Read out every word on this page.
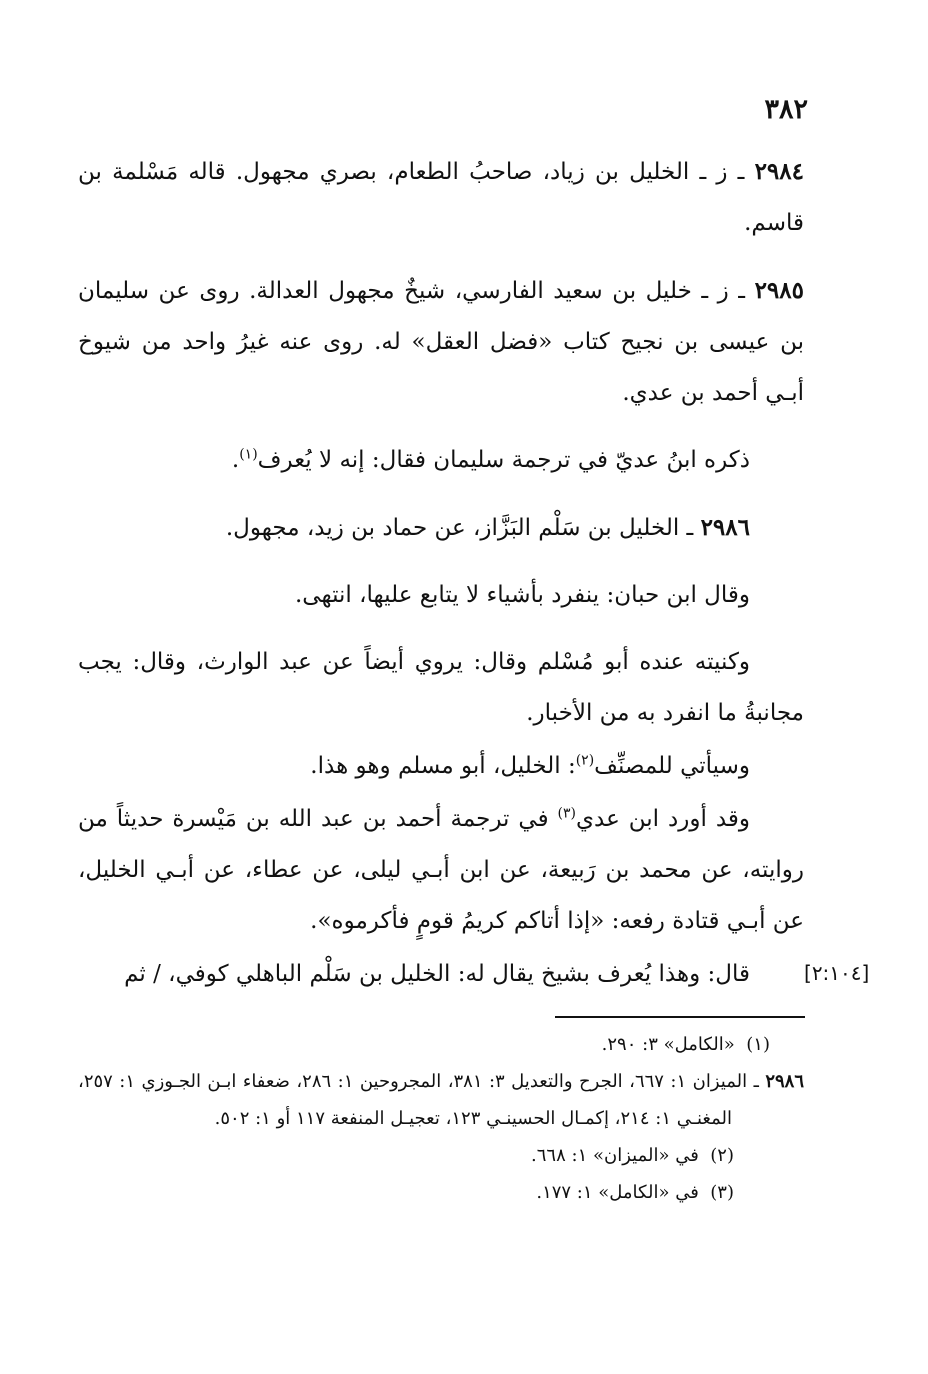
٣٨٢

٢٩٨٤ ـ ز ـ الخليل بن زياد، صاحبُ الطعام، بصري مجهول. قاله مَسْلمة بن قاسم.

٢٩٨٥ ـ ز ـ خليل بن سعيد الفارسي، شيخٌ مجهول العدالة. روى عن سليمان بن عيسى بن نجيح كتاب «فضل العقل» له. روى عنه غيرُ واحد من شيوخ أبـي أحمد بن عدي.

ذكره ابنُ عديّ في ترجمة سليمان فقال: إنه لا يُعرف$^{(١)}$.

٢٩٨٦ ـ الخليل بن سَلْم البَزَّاز، عن حماد بن زيد، مجهول.

وقال ابن حبان: ينفرد بأشياء لا يتابع عليها، انتهى.

وكنيته عنده أبو مُسْلم وقال: يروي أيضاً عن عبد الوارث، وقال: يجب مجانبةُ ما انفرد به من الأخبار.

وسيأتي للمصنِّف$^{(٢)}$: الخليل، أبو مسلم وهو هذا.

وقد أورد ابن عدي$^{(٣)}$ في ترجمة أحمد بن عبد الله بن مَيْسرة حديثاً من روايته، عن محمد بن رَبيعة، عن ابن أبـي ليلى، عن عطاء، عن أبـي الخليل، عن أبـي قتادة رفعه: «إذا أتاكم كريمُ قومٍ فأكرموه».

قال: وهذا يُعرف بشيخ يقال له: الخليل بن سَلْم الباهلي كوفي، / ثم	[٢:١٠٤]

(١)  «الكامل» ٣: ٢٩٠.

٢٩٨٦ ـ الميزان ١: ٦٦٧، الجرح والتعديل ٣: ٣٨١، المجروحين ١: ٢٨٦، ضعفاء ابـن الجـوزي ١: ٢٥٧، المغنـي ١: ٢١٤، إكمـال الحسينـي ١٢٣، تعجيـل المنفعة ١١٧ أو ١: ٥٠٢.

(٢)  في «الميزان» ١: ٦٦٨.

(٣)  في «الكامل» ١: ١٧٧.
